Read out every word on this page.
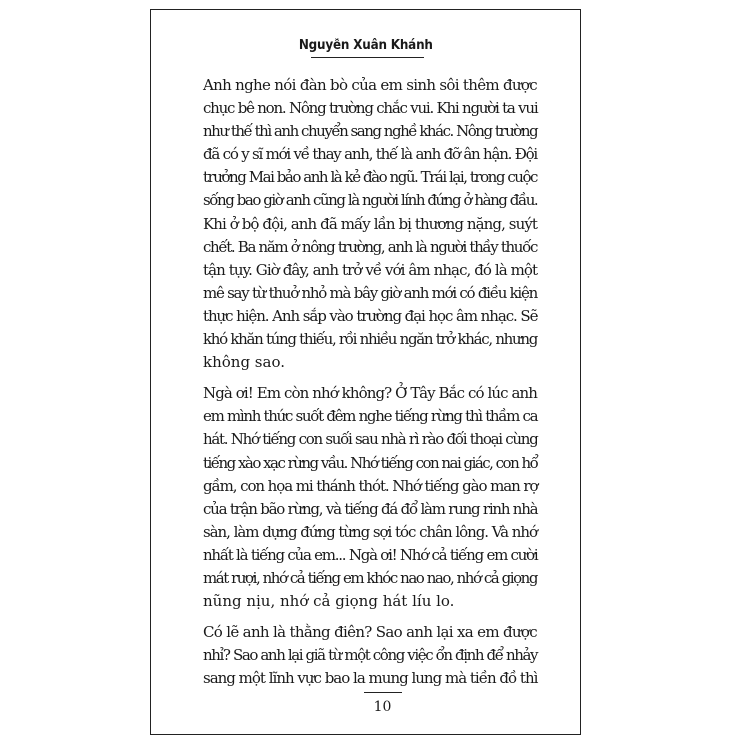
Nguyễn Xuân Khánh
Anh nghe nói đàn bò của em sinh sôi thêm được
chục bê non. Nông trường chắc vui. Khi người ta vui
như thế thì anh chuyển sang nghề khác. Nông trường
đã có y sĩ mới về thay anh, thế là anh đỡ ân hận. Đội
trưởng Mai bảo anh là kẻ đào ngũ. Trái lại, trong cuộc
sống bao giờ anh cũng là người lính đứng ở hàng đầu.
Khi ở bộ đội, anh đã mấy lần bị thương nặng, suýt
chết. Ba năm ở nông trường, anh là người thầy thuốc
tận tụy. Giờ đây, anh trở về với âm nhạc, đó là một
mê say từ thuở nhỏ mà bây giờ anh mới có điều kiện
thực hiện. Anh sắp vào trường đại học âm nhạc. Sẽ
khó khăn túng thiếu, rồi nhiều ngăn trở khác, nhưng
không sao.
Ngà ơi! Em còn nhớ không? Ở Tây Bắc có lúc anh
em mình thức suốt đêm nghe tiếng rừng thì thầm ca
hát. Nhớ tiếng con suối sau nhà rì rào đối thoại cùng
tiếng xào xạc rừng vầu. Nhớ tiếng con nai giác, con hổ
gầm, con họa mi thánh thót. Nhớ tiếng gào man rợ
của trận bão rừng, và tiếng đá đổ làm rung rinh nhà
sàn, làm dựng đứng từng sợi tóc chân lông. Và nhớ
nhất là tiếng của em... Ngà ơi! Nhớ cả tiếng em cười
mát rượi, nhớ cả tiếng em khóc nao nao, nhớ cả giọng
nũng nịu, nhớ cả giọng hát líu lo.
Có lẽ anh là thằng điên? Sao anh lại xa em được
nhỉ? Sao anh lại giã từ một công việc ổn định để nhảy
sang một lĩnh vực bao la mung lung mà tiền đồ thì
10
